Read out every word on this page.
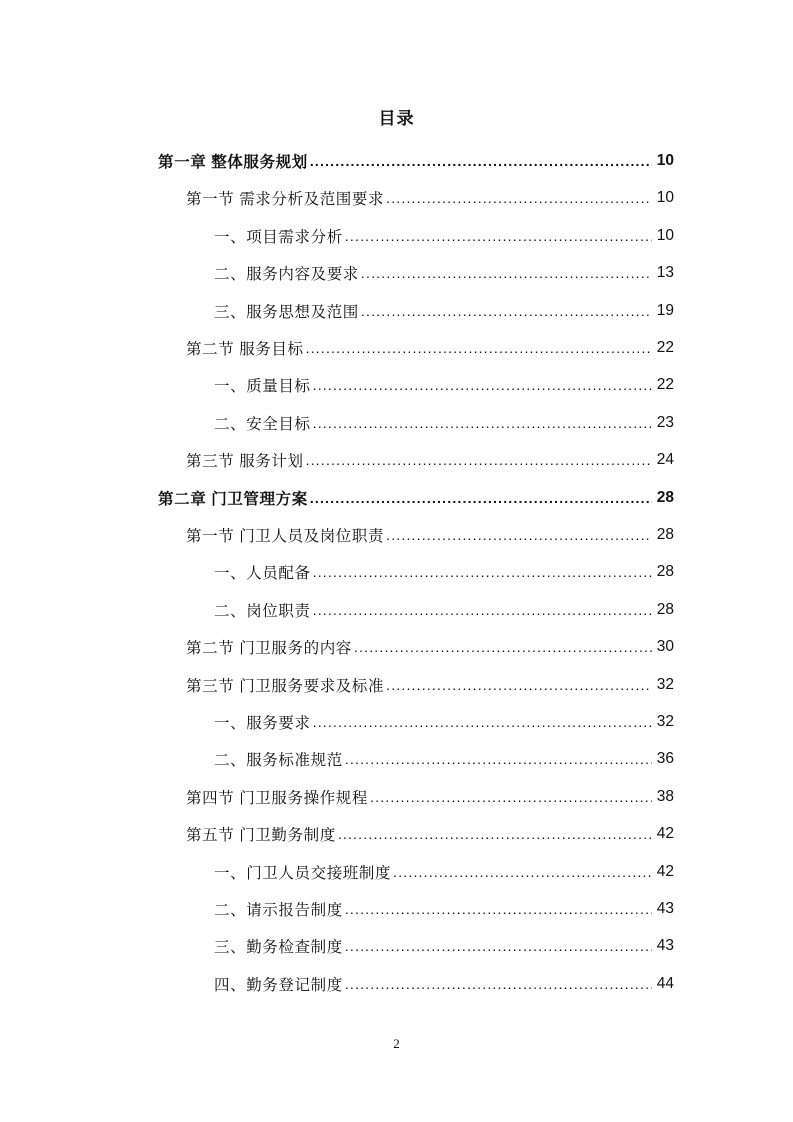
目录
第一章 整体服务规划 .....	10
第一节 需求分析及范围要求 .....	10
一、项目需求分析 .....	10
二、服务内容及要求 .....	13
三、服务思想及范围 .....	19
第二节 服务目标 .....	22
一、质量目标 .....	22
二、安全目标 .....	23
第三节 服务计划 .....	24
第二章 门卫管理方案 .....	28
第一节 门卫人员及岗位职责 .....	28
一、人员配备 .....	28
二、岗位职责 .....	28
第二节 门卫服务的内容 .....	30
第三节 门卫服务要求及标准 .....	32
一、服务要求 .....	32
二、服务标准规范 .....	36
第四节 门卫服务操作规程 .....	38
第五节 门卫勤务制度 .....	42
一、门卫人员交接班制度 .....	42
二、请示报告制度 .....	43
三、勤务检查制度 .....	43
四、勤务登记制度 .....	44
2
